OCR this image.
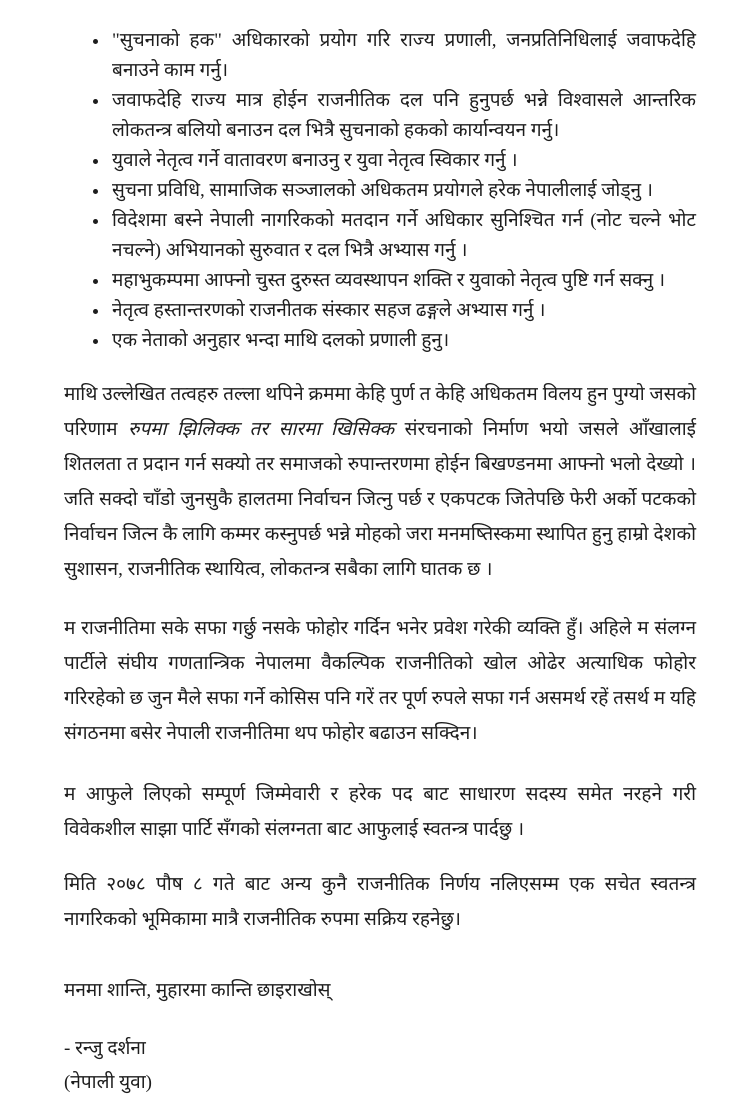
• "सुचनाको हक" अधिकारको प्रयोग गरि राज्य प्रणाली, जनप्रतिनिधिलाई जवाफदेहि बनाउने काम गर्नु।
• जवाफदेहि राज्य मात्र होईन राजनीतिक दल पनि हुनुपर्छ भन्ने विश्वासले आन्तरिक लोकतन्त्र बलियो बनाउन दल भित्रै सुचनाको हकको कार्यान्वयन गर्नु।
• युवाले नेतृत्व गर्ने वातावरण बनाउनु र युवा नेतृत्व स्विकार गर्नु ।
• सुचना प्रविधि, सामाजिक सञ्जालको अधिकतम प्रयोगले हरेक नेपालीलाई जोड्नु ।
• विदेशमा बस्ने नेपाली नागरिकको मतदान गर्ने अधिकार सुनिश्चित गर्न (नोट चल्ने भोट नचल्ने) अभियानको सुरुवात र दल भित्रै अभ्यास गर्नु ।
• महाभुकम्पमा आफ्नो चुस्त दुरुस्त व्यवस्थापन शक्ति र युवाको नेतृत्व पुष्टि गर्न सक्नु ।
• नेतृत्व हस्तान्तरणको राजनीतक संस्कार सहज ढङ्गले अभ्यास गर्नु ।
• एक नेताको अनुहार भन्दा माथि दलको प्रणाली हुनु।

माथि उल्लेखित तत्वहरु तल्ला थपिने क्रममा केहि पुर्ण त केहि अधिकतम विलय हुन पुग्यो जसको परिणाम रुपमा झिलिक्क तर सारमा खिसिक्क संरचनाको निर्माण भयो जसले आँखालाई शितलता त प्रदान गर्न सक्यो तर समाजको रुपान्तरणमा होईन बिखण्डनमा आफ्नो भलो देख्यो । जति सक्दो चाँडो जुनसुकै हालतमा निर्वाचन जित्नु पर्छ र एकपटक जितेपछि फेरी अर्को पटकको निर्वाचन जित्न कै लागि कम्मर कस्नुपर्छ भन्ने मोहको जरा मनमष्तिस्कमा स्थापित हुनु हाम्रो देशको सुशासन, राजनीतिक स्थायित्व, लोकतन्त्र सबैका लागि घातक छ ।

म राजनीतिमा सके सफा गर्छु नसके फोहोर गर्दिन भनेर प्रवेश गरेकी व्यक्ति हुँ। अहिले म संलग्न पार्टीले संघीय गणतान्त्रिक नेपालमा वैकल्पिक राजनीतिको खोल ओढेर अत्याधिक फोहोर गरिरहेको छ जुन मैले सफा गर्ने कोसिस पनि गरें तर पूर्ण रुपले सफा गर्न असमर्थ रहें तसर्थ म यहि संगठनमा बसेर नेपाली राजनीतिमा थप फोहोर बढाउन सक्दिन।

म आफुले लिएको सम्पूर्ण जिम्मेवारी र हरेक पद बाट साधारण सदस्य समेत नरहने गरी विवेकशील साझा पार्टि सँगको संलग्नता बाट आफुलाई स्वतन्त्र पार्दछु ।

मिति २०७८ पौष ८ गते बाट अन्य कुनै राजनीतिक निर्णय नलिएसम्म एक सचेत स्वतन्त्र नागरिकको भूमिकामा मात्रै राजनीतिक रुपमा सक्रिय रहनेछु।

मनमा शान्ति, मुहारमा कान्ति छाइराखोस्

- रन्जु दर्शना

(नेपाली युवा)
